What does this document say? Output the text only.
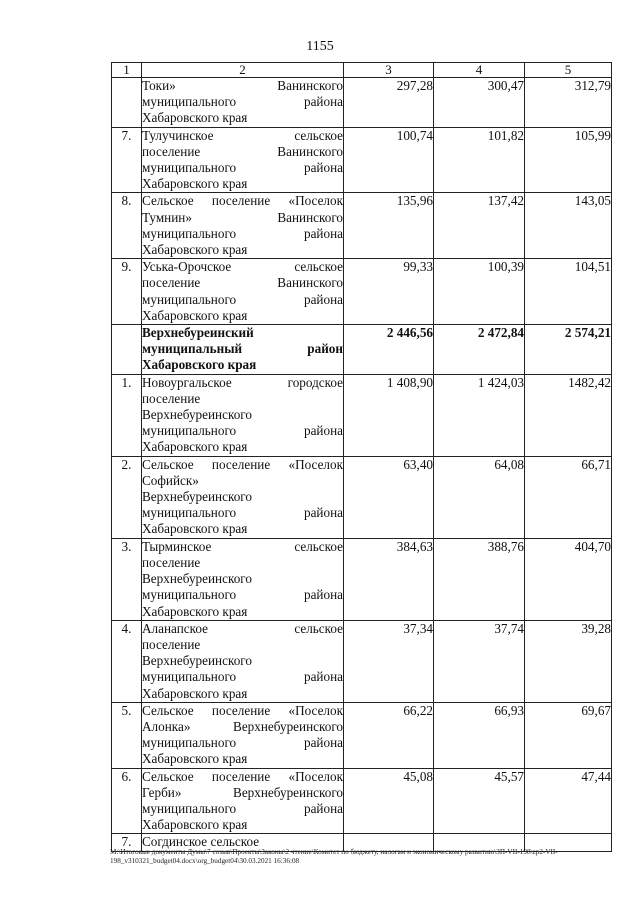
1155
1	2	3	4	5

	Токи» Ванинского
муниципального района
Хабаровского края	297,28	300,47	312,79
7.	Тулучинское сельское
поселение Ванинского
муниципального района
Хабаровского края	100,74	101,82	105,99
8.	Сельское поселение «Поселок
Тумнин» Ванинского
муниципального района
Хабаровского края	135,96	137,42	143,05
9.	Уська-Орочское сельское
поселение Ванинского
муниципального района
Хабаровского края	99,33	100,39	104,51

	Верхнебуреинский
муниципальный район
Хабаровского края	2 446,56	2 472,84	2 574,21
1.	Новоургальское городское
поселение
Верхнебуреинского
муниципального района
Хабаровского края	1 408,90	1 424,03	1482,42
2.	Сельское поселение «Поселок
Софийск»
Верхнебуреинского
муниципального района
Хабаровского края	63,40	64,08	66,71
3.	Тырминское сельское
поселение
Верхнебуреинского
муниципального района
Хабаровского края	384,63	388,76	404,70
4.	Аланапское сельское
поселение
Верхнебуреинского
муниципального района
Хабаровского края	37,34	37,74	39,28
5.	Сельское поселение «Поселок
Алонка» Верхнебуреинского
муниципального района
Хабаровского края	66,22	66,93	69,67
6.	Сельское поселение «Поселок
Герби» Верхнебуреинского
муниципального района
Хабаровского края	45,08	45,57	47,44
7.	Согдинское сельское			

M:\Итоговые документы Думы\7 созыв\Проекты\Законы\2 чтение\Комитет по бюджету, налогам и экономическому развитию\ЗП-VII-198\zp2-VII-198_v310321_budget04.docx\org_budget04\30.03.2021 16:36:08
